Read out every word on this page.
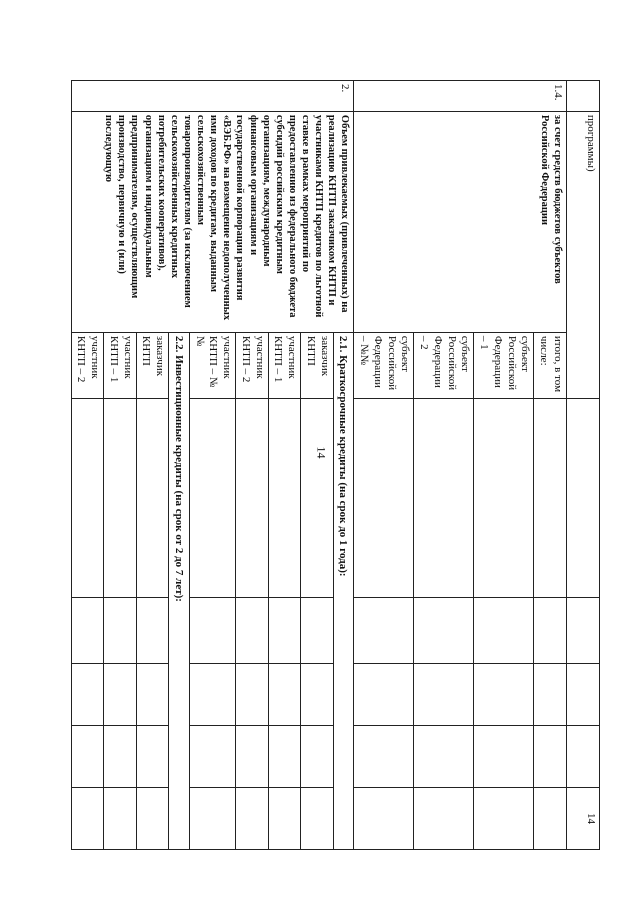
14
	программы)						14
1.4.	за счет средств бюджетов субъектов Российской Федерации	итого, в том числе:					
		субъект Российской Федерации – 1					
		субъект Российской Федерации – 2					
		субъект Российской Федерации – №№					
2.	Объем привлекаемых (привлеченных) на реализацию КНТП заказчиком КНТП и участниками КНТП кредитов по льготной ставке в рамках мероприятий по предоставлению из федерального бюджета субсидий российским кредитным организациям, международным финансовым организациям и государственной корпорации развития «ВЭБ.РФ» на возмещение недополученных ими доходов по кредитам, выданным сельскохозяйственным товаропроизводителям (за исключением сельскохозяйственных кредитных потребительских кооперативов), организациям и индивидуальным предпринимателям, осуществляющим производство, первичную и (или) последующую	2.1. Краткосрочные кредиты (на срок до 1 года):					
		заказчик КНТП					
		участник КНТП – 1					
		участник КНТП – 2					
		участник КНТП – №№					
		2.2. Инвестиционные кредиты (на срок от 2 до 7 лет):					
		заказчик КНТП					
		участник КНТП – 1					
		участник КНТП – 2					
